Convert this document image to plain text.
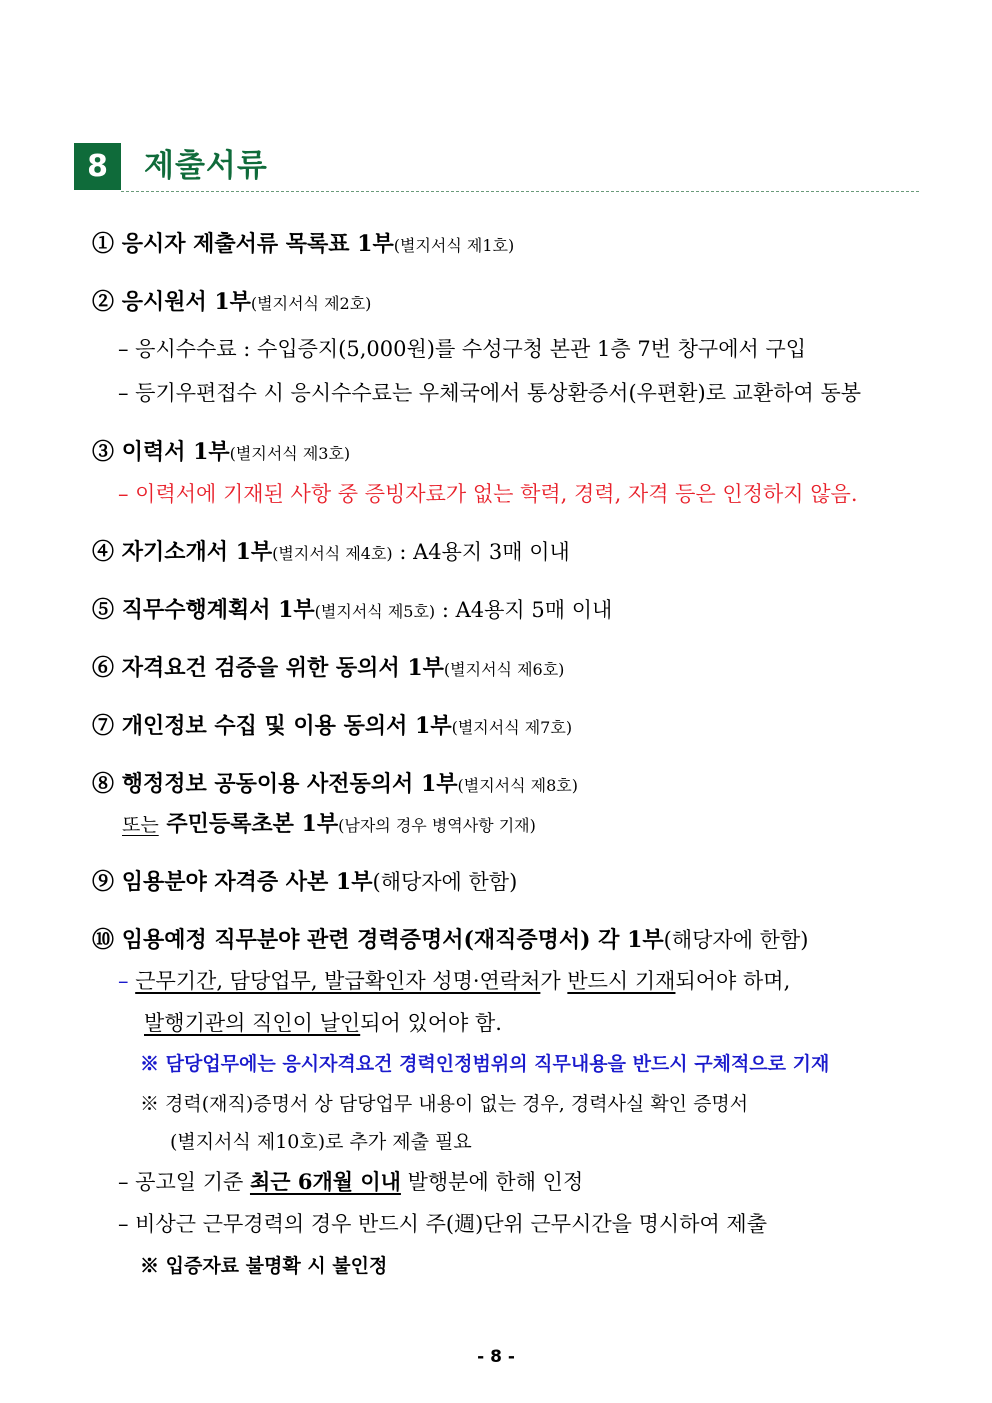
8	제출서류
① 응시자 제출서류 목록표 1부(별지서식 제1호)
② 응시원서 1부(별지서식 제2호)
– 응시수수료 : 수입증지(5,000원)를 수성구청 본관 1층 7번 창구에서 구입
– 등기우편접수 시 응시수수료는 우체국에서 통상환증서(우편환)로 교환하여 동봉
③ 이력서 1부(별지서식 제3호)
– 이력서에 기재된 사항 중 증빙자료가 없는 학력, 경력, 자격 등은 인정하지 않음.
④ 자기소개서 1부(별지서식 제4호) : A4용지 3매 이내
⑤ 직무수행계획서 1부(별지서식 제5호) : A4용지 5매 이내
⑥ 자격요건 검증을 위한 동의서 1부(별지서식 제6호)
⑦ 개인정보 수집 및 이용 동의서 1부(별지서식 제7호)
⑧ 행정정보 공동이용 사전동의서 1부(별지서식 제8호)
또는 주민등록초본 1부(남자의 경우 병역사항 기재)
⑨ 임용분야 자격증 사본 1부(해당자에 한함)
⑩ 임용예정 직무분야 관련 경력증명서(재직증명서) 각 1부(해당자에 한함)
– 근무기간, 담당업무, 발급확인자 성명·연락처가 반드시 기재되어야 하며,
발행기관의 직인이 날인되어 있어야 함.
※ 담당업무에는 응시자격요건 경력인정범위의 직무내용을 반드시 구체적으로 기재
※ 경력(재직)증명서 상 담당업무 내용이 없는 경우, 경력사실 확인 증명서
(별지서식 제10호)로 추가 제출 필요
– 공고일 기준 최근 6개월 이내 발행분에 한해 인정
– 비상근 근무경력의 경우 반드시 주(週)단위 근무시간을 명시하여 제출
※ 입증자료 불명확 시 불인정
- 8 -
